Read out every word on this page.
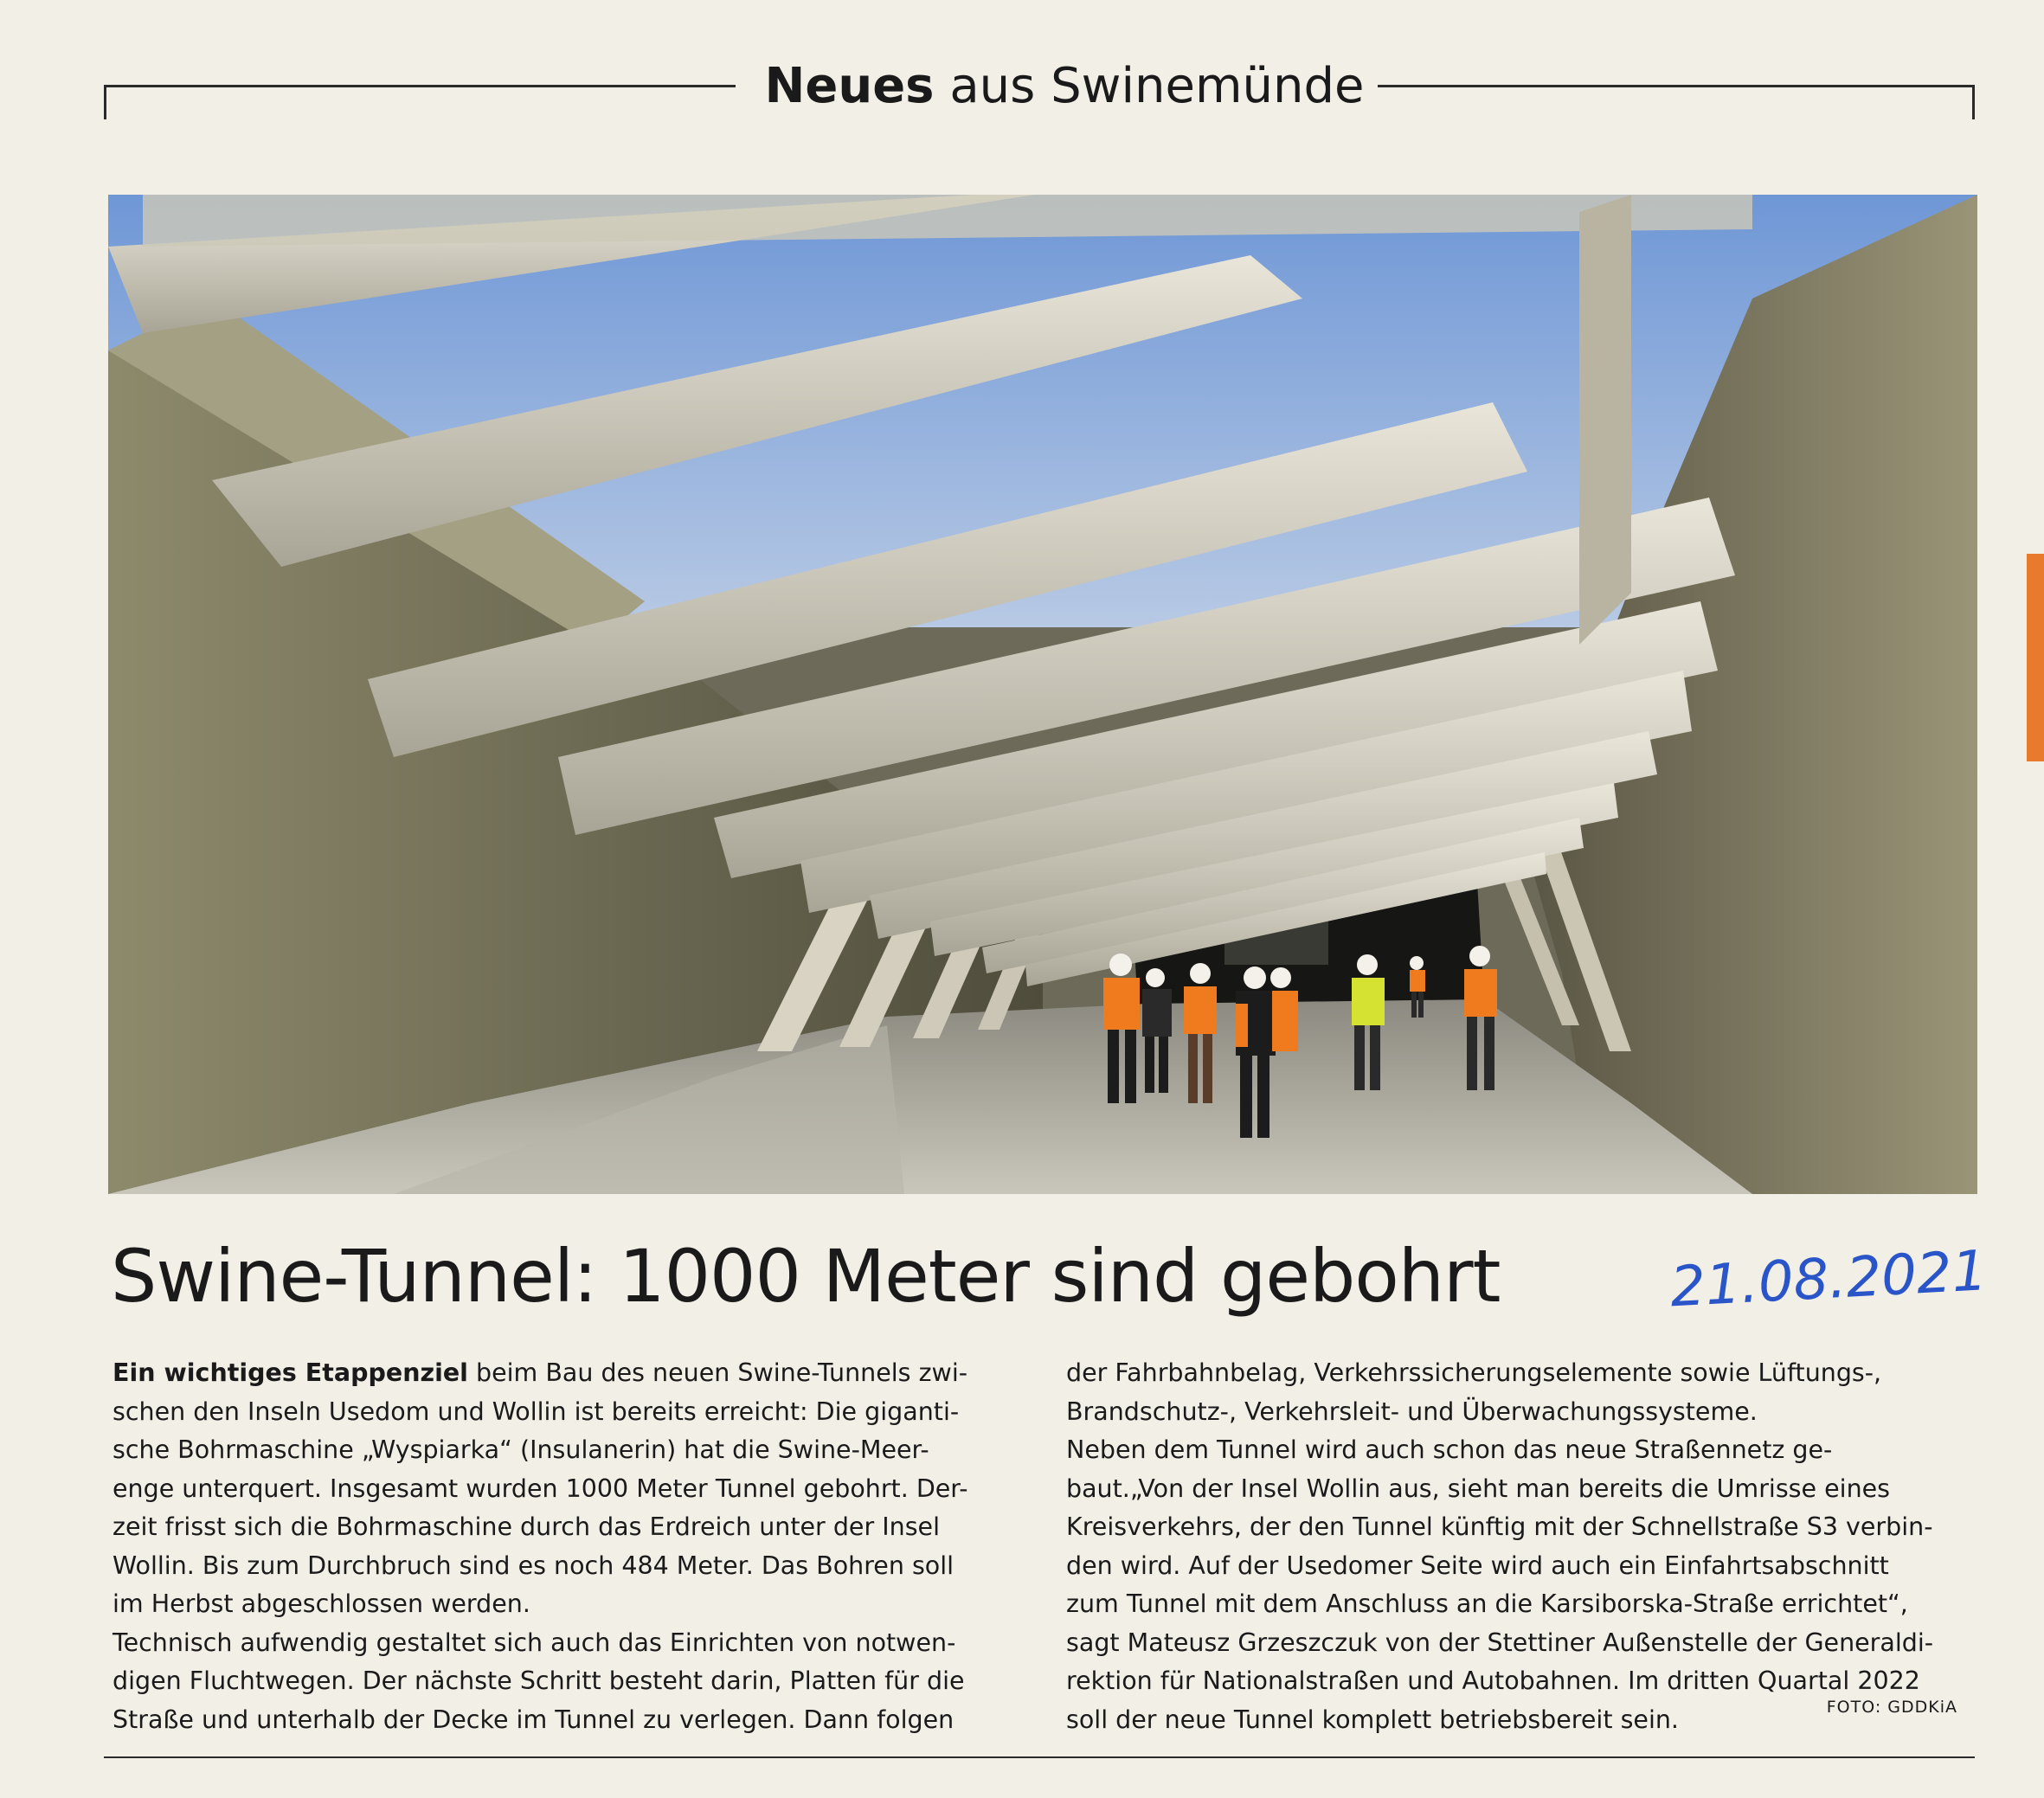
Neues aus Swinemünde
Swine-Tunnel: 1000 Meter sind gebohrt	21.08.2021
Ein wichtiges Etappenziel beim Bau des neuen Swine-Tunnels zwi-
schen den Inseln Usedom und Wollin ist bereits erreicht: Die giganti-
sche Bohrmaschine „Wyspiarka“ (Insulanerin) hat die Swine-Meer-
enge unterquert. Insgesamt wurden 1000 Meter Tunnel gebohrt. Der-
zeit frisst sich die Bohrmaschine durch das Erdreich unter der Insel
Wollin. Bis zum Durchbruch sind es noch 484 Meter. Das Bohren soll
im Herbst abgeschlossen werden.
Technisch aufwendig gestaltet sich auch das Einrichten von notwen-
digen Fluchtwegen. Der nächste Schritt besteht darin, Platten für die
Straße und unterhalb der Decke im Tunnel zu verlegen. Dann folgen
der Fahrbahnbelag, Verkehrssicherungselemente sowie Lüftungs-,
Brandschutz-, Verkehrsleit- und Überwachungssysteme.
Neben dem Tunnel wird auch schon das neue Straßennetz ge-
baut.„Von der Insel Wollin aus, sieht man bereits die Umrisse eines
Kreisverkehrs, der den Tunnel künftig mit der Schnellstraße S3 verbin-
den wird. Auf der Usedomer Seite wird auch ein Einfahrtsabschnitt
zum Tunnel mit dem Anschluss an die Karsiborska-Straße errichtet“,
sagt Mateusz Grzeszczuk von der Stettiner Außenstelle der Generaldi-
rektion für Nationalstraßen und Autobahnen. Im dritten Quartal 2022
soll der neue Tunnel komplett betriebsbereit sein.	FOTO: GDDKiA
